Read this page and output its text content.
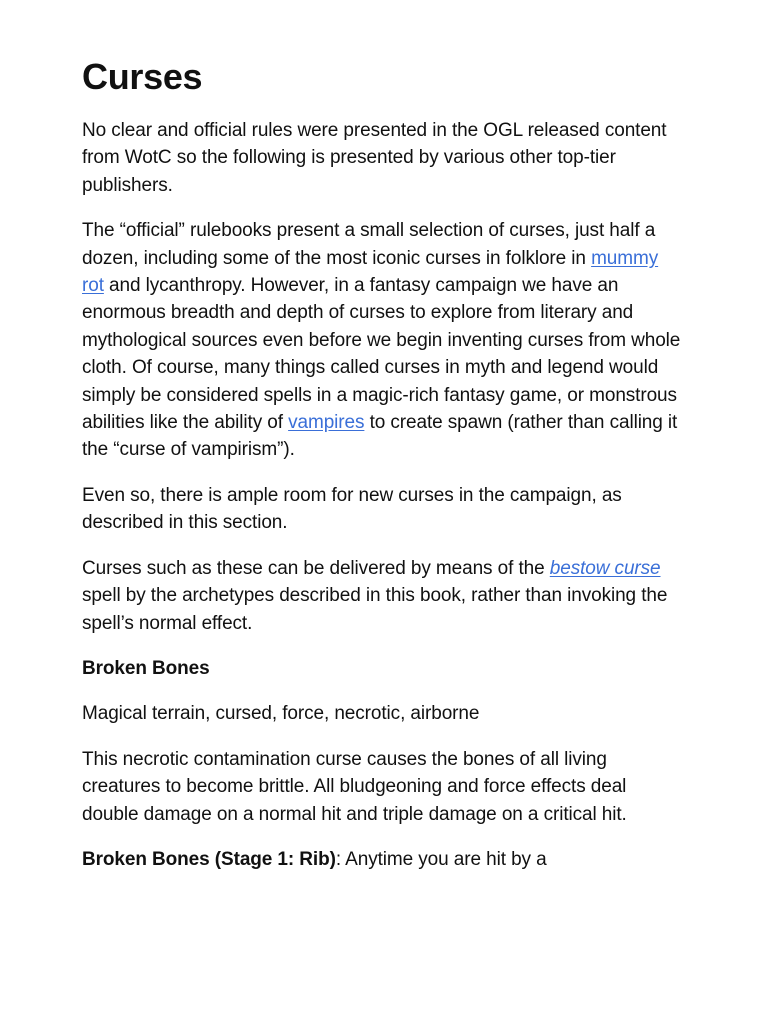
Curses

No clear and official rules were presented in the OGL released content from WotC so the following is presented by various other top-tier publishers.

The “official” rulebooks present a small selection of curses, just half a dozen, including some of the most iconic curses in folklore in mummy rot and lycanthropy. However, in a fantasy campaign we have an enormous breadth and depth of curses to explore from literary and mythological sources even before we begin inventing curses from whole cloth. Of course, many things called curses in myth and legend would simply be considered spells in a magic-rich fantasy game, or monstrous abilities like the ability of vampires to create spawn (rather than calling it the “curse of vampirism”).

Even so, there is ample room for new curses in the campaign, as described in this section.

Curses such as these can be delivered by means of the bestow curse spell by the archetypes described in this book, rather than invoking the spell’s normal effect.

Broken Bones

Magical terrain, cursed, force, necrotic, airborne

This necrotic contamination curse causes the bones of all living creatures to become brittle. All bludgeoning and force effects deal double damage on a normal hit and triple damage on a critical hit.

Broken Bones (Stage 1: Rib): Anytime you are hit by a
